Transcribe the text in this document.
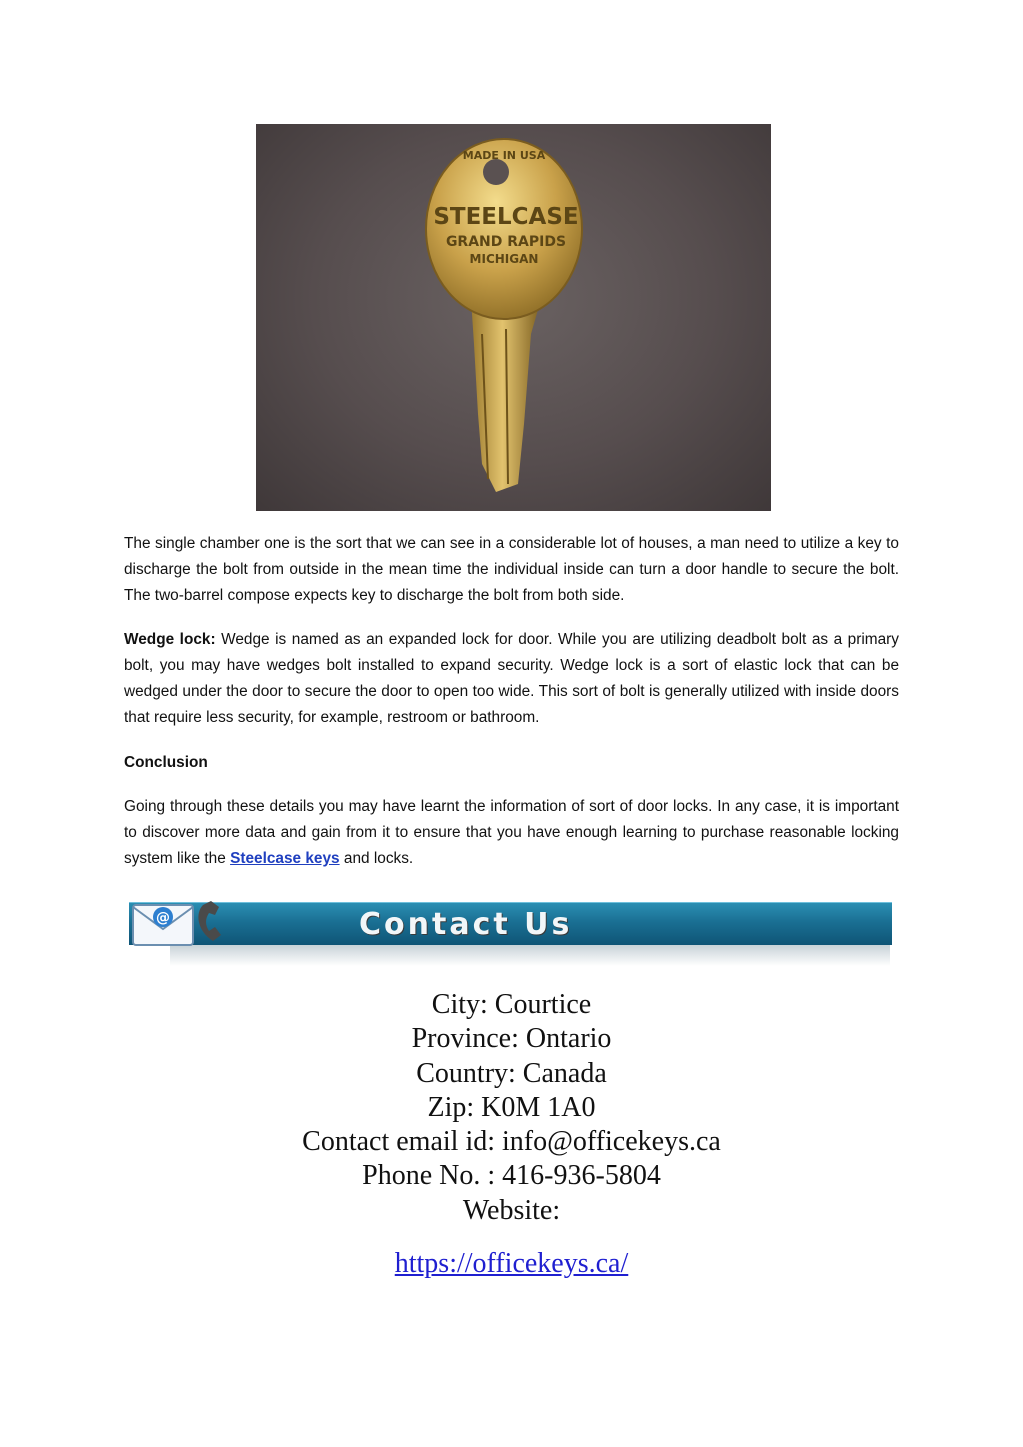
MADE IN USA
STEELCASE
GRAND RAPIDS
MICHIGAN

The single chamber one is the sort that we can see in a considerable lot of houses, a man need to utilize a key to discharge the bolt from outside in the mean time the individual inside can turn a door handle to secure the bolt. The two-barrel compose expects key to discharge the bolt from both side.

Wedge lock: Wedge is named as an expanded lock for door. While you are utilizing deadbolt bolt as a primary bolt, you may have wedges bolt installed to expand security. Wedge lock is a sort of elastic lock that can be wedged under the door to secure the door to open too wide. This sort of bolt is generally utilized with inside doors that require less security, for example, restroom or bathroom.

Conclusion

Going through these details you may have learnt the information of sort of door locks. In any case, it is important to discover more data and gain from it to ensure that you have enough learning to purchase reasonable locking system like the Steelcase keys and locks.

@	Contact Us
City: Courtice
Province: Ontario
Country: Canada
Zip: K0M 1A0
Contact email id: info@officekeys.ca
Phone No. : 416-936-5804
Website:
https://officekeys.ca/
